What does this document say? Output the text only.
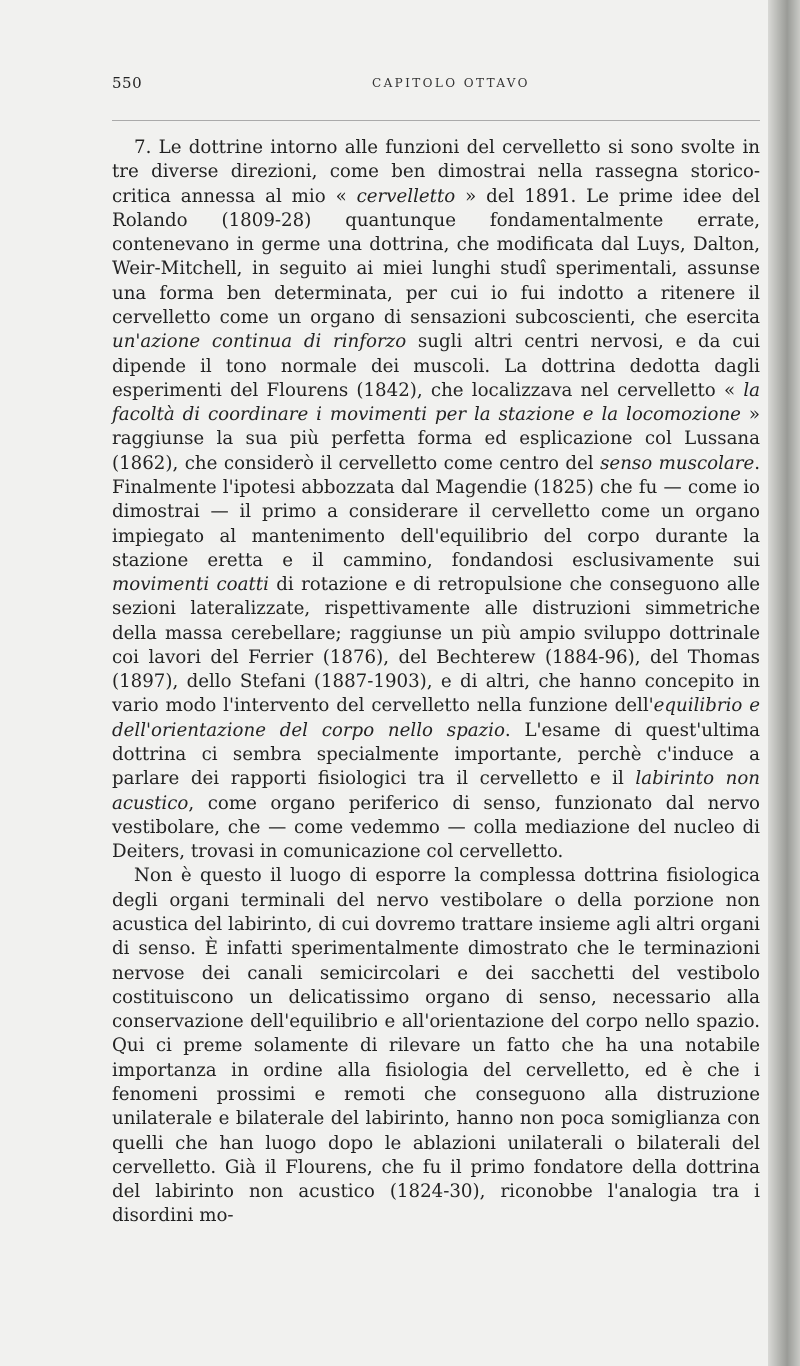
550	CAPITOLO OTTAVO

7. Le dottrine intorno alle funzioni del cervelletto si sono svolte in tre diverse direzioni, come ben dimostrai nella rassegna storico-critica annessa al mio « cervelletto » del 1891. Le prime idee del Rolando (1809-28) quantunque fondamentalmente errate, contenevano in germe una dottrina, che modificata dal Luys, Dalton, Weir-Mitchell, in seguito ai miei lunghi studî sperimentali, assunse una forma ben determinata, per cui io fui indotto a ritenere il cervelletto come un organo di sensazioni subcoscienti, che esercita un'azione continua di rinforzo sugli altri centri nervosi, e da cui dipende il tono normale dei muscoli. La dottrina dedotta dagli esperimenti del Flourens (1842), che localizzava nel cervelletto « la facoltà di coordinare i movimenti per la stazione e la locomozione » raggiunse la sua più perfetta forma ed esplicazione col Lussana (1862), che considerò il cervelletto come centro del senso muscolare. Finalmente l'ipotesi abbozzata dal Magendie (1825) che fu — come io dimostrai — il primo a considerare il cervelletto come un organo impiegato al mantenimento dell'equilibrio del corpo durante la stazione eretta e il cammino, fondandosi esclusivamente sui movimenti coatti di rotazione e di retropulsione che conseguono alle sezioni lateralizzate, rispettivamente alle distruzioni simmetriche della massa cerebellare; raggiunse un più ampio sviluppo dottrinale coi lavori del Ferrier (1876), del Bechterew (1884-96), del Thomas (1897), dello Stefani (1887-1903), e di altri, che hanno concepito in vario modo l'intervento del cervelletto nella funzione dell'equilibrio e dell'orientazione del corpo nello spazio. L'esame di quest'ultima dottrina ci sembra specialmente importante, perchè c'induce a parlare dei rapporti fisiologici tra il cervelletto e il labirinto non acustico, come organo periferico di senso, funzionato dal nervo vestibolare, che — come vedemmo — colla mediazione del nucleo di Deiters, trovasi in comunicazione col cervelletto.

Non è questo il luogo di esporre la complessa dottrina fisiologica degli organi terminali del nervo vestibolare o della porzione non acustica del labirinto, di cui dovremo trattare insieme agli altri organi di senso. È infatti sperimentalmente dimostrato che le terminazioni nervose dei canali semicircolari e dei sacchetti del vestibolo costituiscono un delicatissimo organo di senso, necessario alla conservazione dell'equilibrio e all'orientazione del corpo nello spazio. Qui ci preme solamente di rilevare un fatto che ha una notabile importanza in ordine alla fisiologia del cervelletto, ed è che i fenomeni prossimi e remoti che conseguono alla distruzione unilaterale e bilaterale del labirinto, hanno non poca somiglianza con quelli che han luogo dopo le ablazioni unilaterali o bilaterali del cervelletto. Già il Flourens, che fu il primo fondatore della dottrina del labirinto non acustico (1824-30), riconobbe l'analogia tra i disordini mo-
